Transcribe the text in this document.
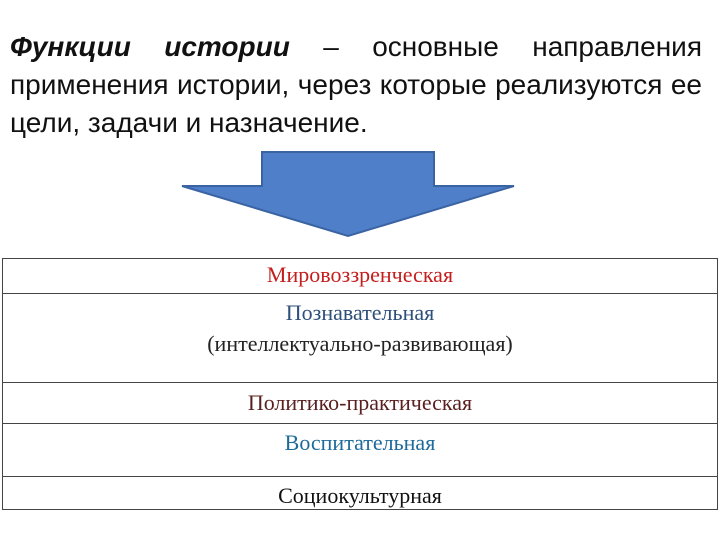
Функции истории – основные направления применения истории, через которые реализуются ее цели, задачи и назначение.
Мировоззренческая
Познавательная
(интеллектуально-развивающая)
Политико-практическая
Воспитательная
Социокультурная
